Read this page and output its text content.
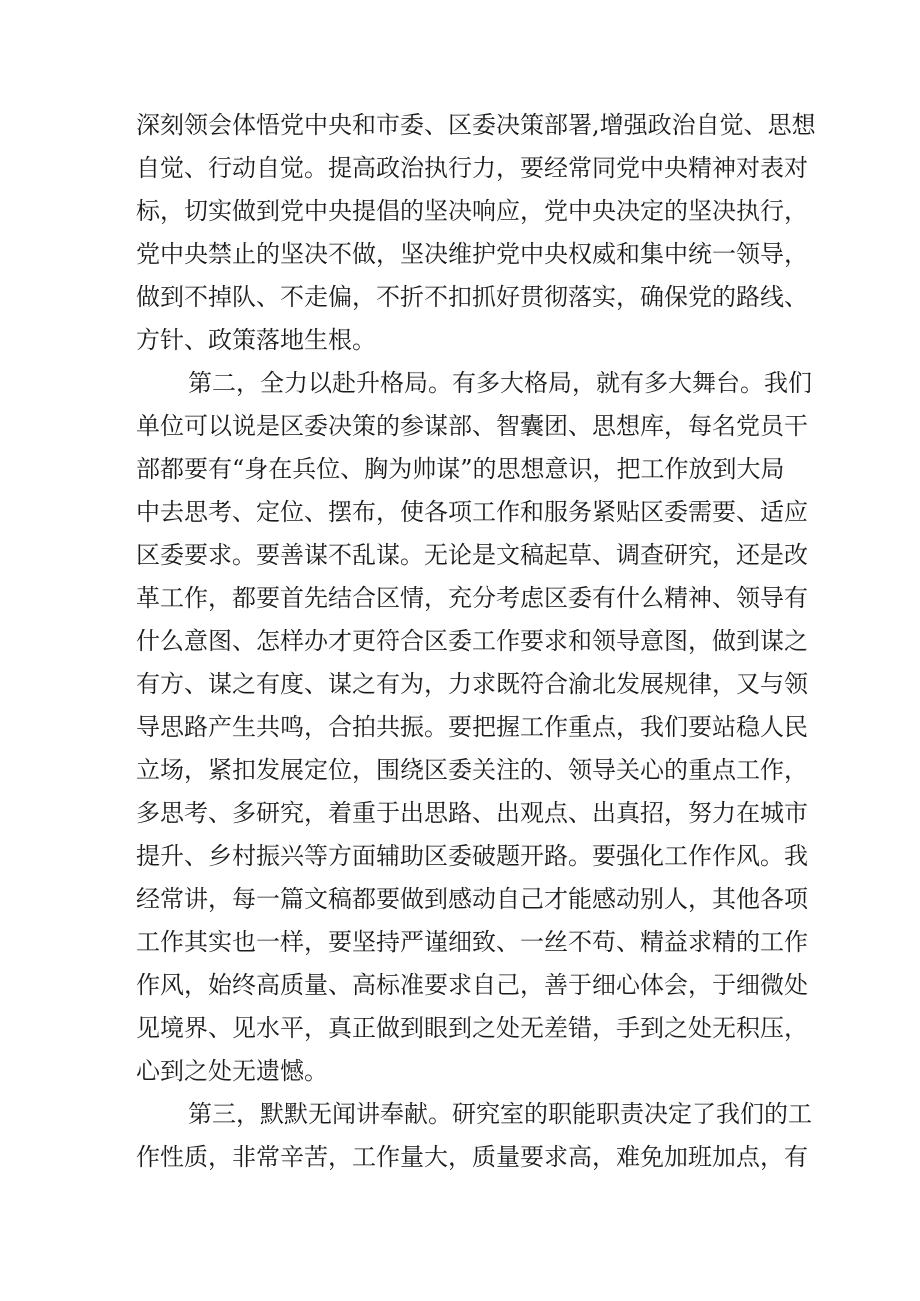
深刻领会体悟党中央和市委、区委决策部署,增强政治自觉、思想
自觉、行动自觉。提高政治执行力，要经常同党中央精神对表对
标，切实做到党中央提倡的坚决响应，党中央决定的坚决执行，
党中央禁止的坚决不做，坚决维护党中央权威和集中统一领导，
做到不掉队、不走偏，不折不扣抓好贯彻落实，确保党的路线、
方针、政策落地生根。
第二，全力以赴升格局。有多大格局，就有多大舞台。我们
单位可以说是区委决策的参谋部、智囊团、思想库，每名党员干
部都要有“身在兵位、胸为帅谋”的思想意识，把工作放到大局
中去思考、定位、摆布，使各项工作和服务紧贴区委需要、适应
区委要求。要善谋不乱谋。无论是文稿起草、调查研究，还是改
革工作，都要首先结合区情，充分考虑区委有什么精神、领导有
什么意图、怎样办才更符合区委工作要求和领导意图，做到谋之
有方、谋之有度、谋之有为，力求既符合渝北发展规律，又与领
导思路产生共鸣，合拍共振。要把握工作重点，我们要站稳人民
立场，紧扣发展定位，围绕区委关注的、领导关心的重点工作，
多思考、多研究，着重于出思路、出观点、出真招，努力在城市
提升、乡村振兴等方面辅助区委破题开路。要强化工作作风。我
经常讲，每一篇文稿都要做到感动自己才能感动别人，其他各项
工作其实也一样，要坚持严谨细致、一丝不苟、精益求精的工作
作风，始终高质量、高标准要求自己，善于细心体会，于细微处
见境界、见水平，真正做到眼到之处无差错，手到之处无积压，
心到之处无遗憾。
第三，默默无闻讲奉献。研究室的职能职责决定了我们的工
作性质，非常辛苦，工作量大，质量要求高，难免加班加点，有
